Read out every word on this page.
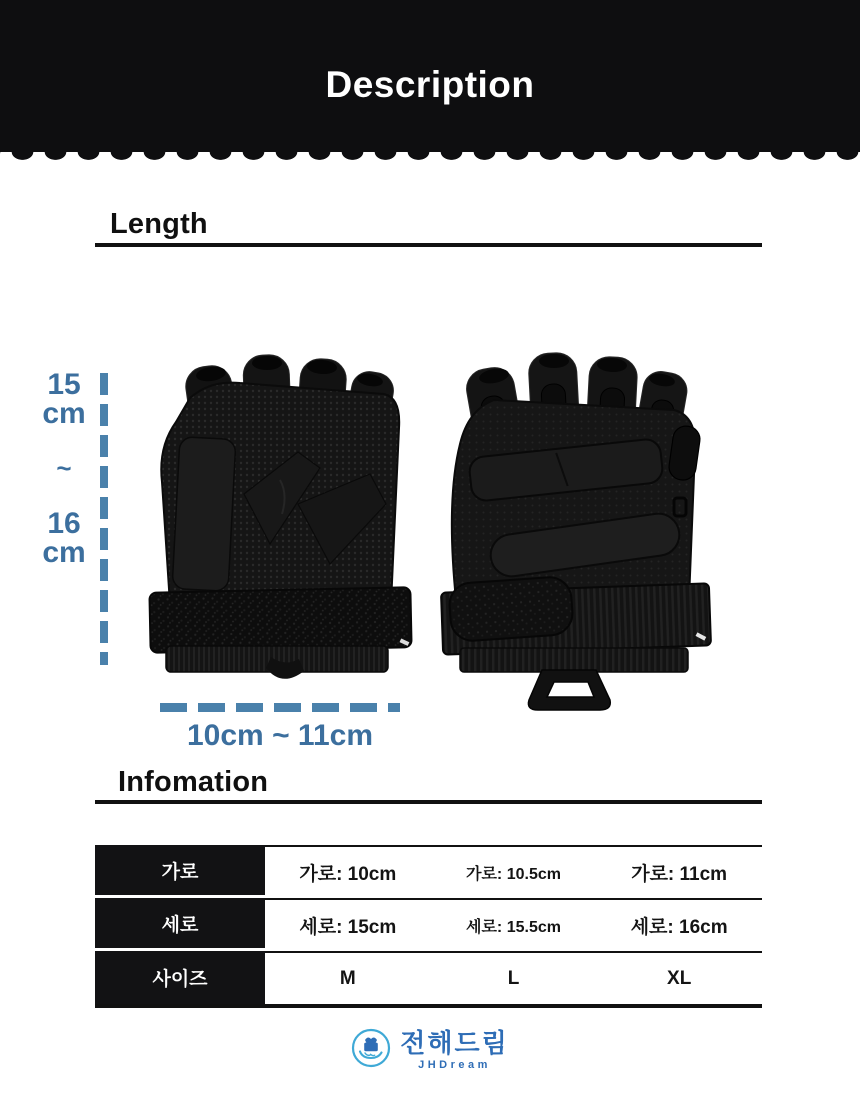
Description
Length
15
cm
~
16
cm
10cm ~ 11cm
Infomation
가로	가로: 10cm	가로: 10.5cm	가로: 11cm
세로	세로: 15cm	세로: 15.5cm	세로: 16cm
사이즈	M	L	XL
전해드림
JHDream
